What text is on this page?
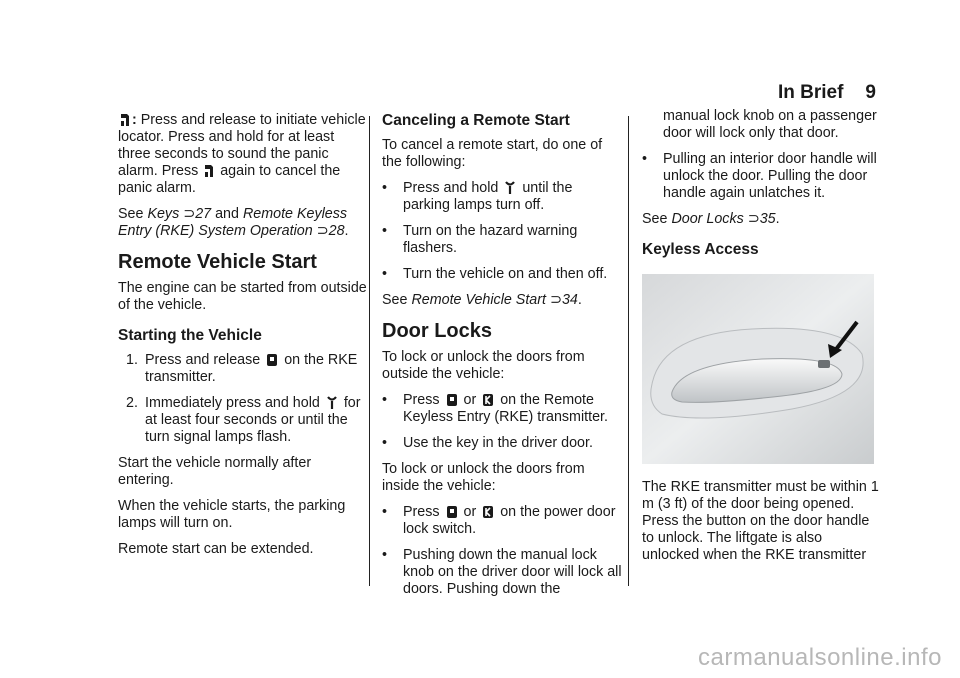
In Brief 9

: Press and release to initiate vehicle locator. Press and hold for at least three seconds to sound the panic alarm. Press again to cancel the panic alarm.

See Keys ⊃27 and Remote Keyless Entry (RKE) System Operation ⊃28.

Remote Vehicle Start

The engine can be started from outside of the vehicle.

Starting the Vehicle
1. Press and release on the RKE transmitter.
2. Immediately press and hold for at least four seconds or until the turn signal lamps flash.

Start the vehicle normally after entering.

When the vehicle starts, the parking lamps will turn on.

Remote start can be extended.

Canceling a Remote Start

To cancel a remote start, do one of the following:

• Press and hold until the parking lamps turn off.
• Turn on the hazard warning flashers.
• Turn the vehicle on and then off.

See Remote Vehicle Start ⊃34.

Door Locks

To lock or unlock the doors from outside the vehicle:

• Press or on the Remote Keyless Entry (RKE) transmitter.
• Use the key in the driver door.

To lock or unlock the doors from inside the vehicle:

• Press or on the power door lock switch.
• Pushing down the manual lock knob on the driver door will lock all doors. Pushing down the

manual lock knob on a passenger door will lock only that door.

• Pulling an interior door handle will unlock the door. Pulling the door handle again unlatches it.

See Door Locks ⊃35.

Keyless Access

The RKE transmitter must be within 1 m (3 ft) of the door being opened. Press the button on the door handle to unlock. The liftgate is also unlocked when the RKE transmitter

carmanualsonline.info
